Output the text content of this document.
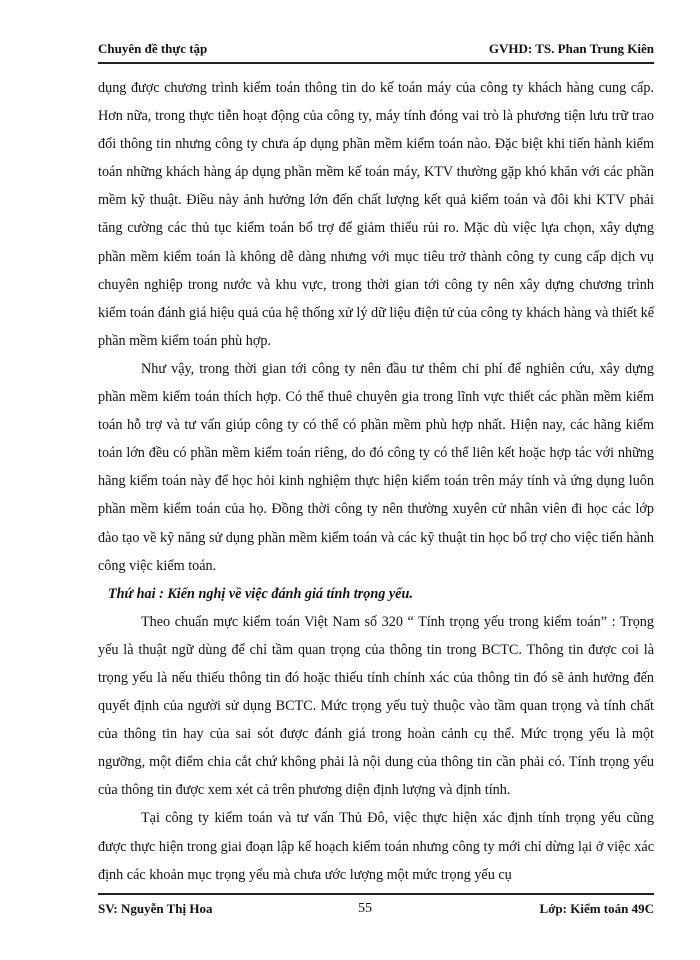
Chuyên đề thực tập	GVHD: TS. Phan Trung Kiên

dụng được chương trình kiểm toán thông tin do kế toán máy của công ty khách hàng cung cấp. Hơn nữa, trong thực tiễn hoạt động của công ty, máy tính đóng vai trò là phương tiện lưu trữ trao đổi thông tin nhưng công ty chưa áp dụng phần mềm kiểm toán nào. Đặc biệt khi tiến hành kiểm toán những khách hàng áp dụng phần mềm kế toán máy, KTV thường gặp khó khăn với các phần mềm kỹ thuật. Điều này ảnh hưởng lớn đến chất lượng kết quả kiểm toán và đôi khi KTV phải tăng cường các thủ tục kiểm toán bổ trợ để giảm thiểu rủi ro. Mặc dù việc lựa chọn, xây dựng phần mềm kiểm toán là không dễ dàng nhưng với mục tiêu trở thành công ty cung cấp dịch vụ chuyên nghiệp trong nước và khu vực, trong thời gian tới công ty nên xây dựng chương trình kiểm toán đánh giá hiệu quả của hệ thống xử lý dữ liệu điện tử của công ty khách hàng và thiết kế phần mềm kiểm toán phù hợp.

Như vậy, trong thời gian tới công ty nên đầu tư thêm chi phí để nghiên cứu, xây dựng phần mềm kiểm toán thích hợp. Có thể thuê chuyên gia trong lĩnh vực thiết các phần mềm kiểm toán hỗ trợ và tư vấn giúp công ty có thể có phần mềm phù hợp nhất. Hiện nay, các hãng kiểm toán lớn đều có phần mềm kiểm toán riêng, do đó công ty có thể liên kết hoặc hợp tác với những hãng kiểm toán này để học hỏi kinh nghiệm thực hiện kiểm toán trên máy tính và ứng dụng luôn phần mềm kiểm toán của họ. Đồng thời công ty nên thường xuyên cử nhân viên đi học các lớp đào tạo về kỹ năng sử dụng phần mềm kiểm toán và các kỹ thuật tin học bổ trợ cho việc tiến hành công việc kiểm toán.

Thứ hai : Kiến nghị về việc đánh giá tính trọng yếu.

Theo chuẩn mực kiểm toán Việt Nam số 320 “ Tính trọng yếu trong kiểm toán” : Trọng yếu là thuật ngữ dùng để chỉ tầm quan trọng của thông tin trong BCTC. Thông tin được coi là trọng yếu là nếu thiếu thông tin đó hoặc thiếu tính chính xác của thông tin đó sẽ ảnh hưởng đến quyết định của người sử dụng BCTC. Mức trọng yếu tuỳ thuộc vào tầm quan trọng và tính chất của thông tin hay của sai sót được đánh giá trong hoàn cảnh cụ thể. Mức trọng yếu là một ngưỡng, một điểm chia cắt chứ không phải là nội dung của thông tin cần phải có. Tính trọng yếu của thông tin được xem xét cả trên phương diện định lượng và định tính.

Tại công ty kiểm toán và tư vấn Thủ Đô, việc thực hiện xác định tính trọng yếu cũng được thực hiện trong giai đoạn lập kế hoạch kiểm toán nhưng công ty mới chỉ dừng lại ở việc xác định các khoản mục trọng yếu mà chưa ước lượng một mức trọng yếu cụ

SV: Nguyễn Thị Hoa	55	Lớp: Kiểm toán 49C
